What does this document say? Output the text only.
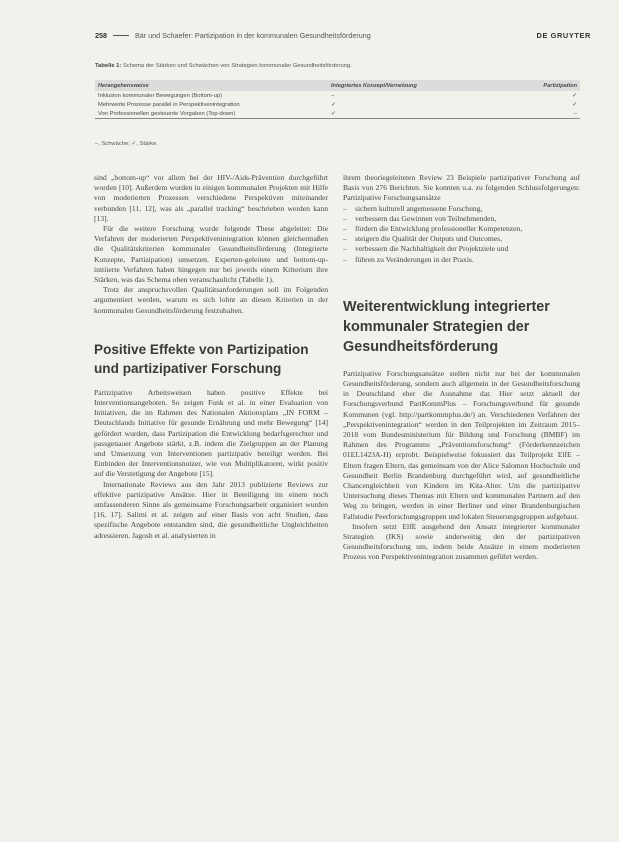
258	Bär und Schaefer: Partizipation in der kommunalen Gesundheitsförderung	DE GRUYTER
Tabelle 1: Schema der Stärken und Schwächen von Strategien kommunaler Gesundheitsförderung.
Herangehensweise	Integriertes Konzept/Vernetzung	Partizipation
Inklusion kommunaler Bewegungen (Bottom-up)	–	✓
Mehrwerte Prozesse parallel in Perspektivenintegration	✓	✓
Von Professionellen gesteuerte Vorgaben (Top-down)	✓	–
–, Schwäche; ✓, Stärke.

sind „bottom-up“ vor allem bei der HIV-/Aids-Prävention durchgeführt worden [10]. Außerdem wurden in einigen kommunalen Projekten mit Hilfe von moderierten Prozessen verschiedene Perspektiven miteinander verbunden [11, 12], was als „parallel tracking“ beschrieben werden kann [13].

Für die weitere Forschung wurde folgende These abgeleitet: Die Verfahren der moderierten Perspektivenintegration können gleichermaßen die Qualitätskriterien kommunaler Gesundheitsförderung (Integrierte Konzepte, Partizipation) umsetzen. Experten-geleitete und bottom-up-initiierte Verfahren haben hingegen nur bei jeweils einem Kriterium ihre Stärken, was das Schema oben veranschaulicht (Tabelle 1).

Trotz der anspruchsvollen Qualitätsanforderungen soll im Folgenden argumentiert werden, warum es sich lohnt an diesen Kriterien in der kommunalen Gesundheitsförderung festzuhalten.

Positive Effekte von Partizipation und partizipativer Forschung

Partizipative Arbeitsweisen haben positive Effekte bei Interventionsangeboten. So zeigen Funk et al. in einer Evaluation von Initiativen, die im Rahmen des Nationalen Aktionsplans „IN FORM – Deutschlands Initiative für gesunde Ernährung und mehr Bewegung“ [14] gefördert wurden, dass Partizipation die Entwicklung bedarfsgerechter und passgenauer Angebote stärkt, z.B. indem die Zielgruppen an der Planung und Umsetzung von Interventionen partizipativ beteiligt werden. Bei Einbinden der Interventionsnutzer, wie von Multiplikatoren, wirkt positiv auf die Verstetigung der Angebote [15].

Internationale Reviews aus den Jahr 2013 publizierte Reviews zur effektive partizipative Ansätze. Hier in Beteiligung im einem noch umfassenderen Sinne als gemeinsame Forschungsarbeit organisiert wurden [16, 17]. Salimi et al. zeigen auf einer Basis von acht Studien, dass spezifische Angebote entstanden sind, die gesundheitliche Ungleichheiten adressieren. Jagosh et al. analysierten in

ihrem theoriegeleiteten Review 23 Beispiele partizipativer Forschung auf Basis von 276 Berichten. Sie konnten u.a. zu folgenden Schlussfolgerungen: Partizipative Forschungsansätze

–	sichern kulturell angemessene Forschung,
–	verbessern das Gewinnen von Teilnehmenden,
–	fördern die Entwicklung professioneller Kompetenzen,
–	steigern die Qualität der Outputs und Outcomes,
–	verbessern die Nachhaltigkeit der Projektziele und
–	führen zu Veränderungen in der Praxis.
Weiterentwicklung integrierter kommunaler Strategien der Gesundheitsförderung

Partizipative Forschungsansätze stellen nicht nur bei der kommunalen Gesundheitsförderung, sondern auch allgemein in der Gesundheitsforschung in Deutschland eher die Ausnahme dar. Hier setzt aktuell der Forschungsverbund PartKommPlus – Forschungsverbund für gesunde Kommunen (vgl. http://partkommplus.de/) an. Verschiedenen Verfahren der „Perspektivenintegration“ werden in den Teilprojekten im Zeitraum 2015–2018 vom Bundesministerium für Bildung und Forschung (BMBF) im Rahmen des Programms „Präventionsforschung“ (Förderkennzeichen 01EL1423A-H) erprobt. Beispielweise fokussiert das Teilprojekt ElfE – Eltern fragen Eltern, das gemeinsam von der Alice Salomon Hochschule und Gesundheit Berlin Brandenburg durchgeführt wird, auf gesundheitliche Chancengleichheit von Kindern im Kita-Alter. Um die partizipative Untersuchung dieses Themas mit Eltern und kommunalen Partnern auf den Weg zu bringen, werden in einer Berliner und einer Brandenburgischen Fallstudie Peerforschungsgruppen und lokalen Steuerungsgruppen aufgebaut.

Insofern setzt ElfE ausgehend den Ansatz integrierter kommunaler Strategien (IKS) sowie anderweitig den der partizipativen Gesundheitsforschung um, indem beide Ansätze in einem moderierten Prozess von Perspektivenintegration zusammen geführt werden.
